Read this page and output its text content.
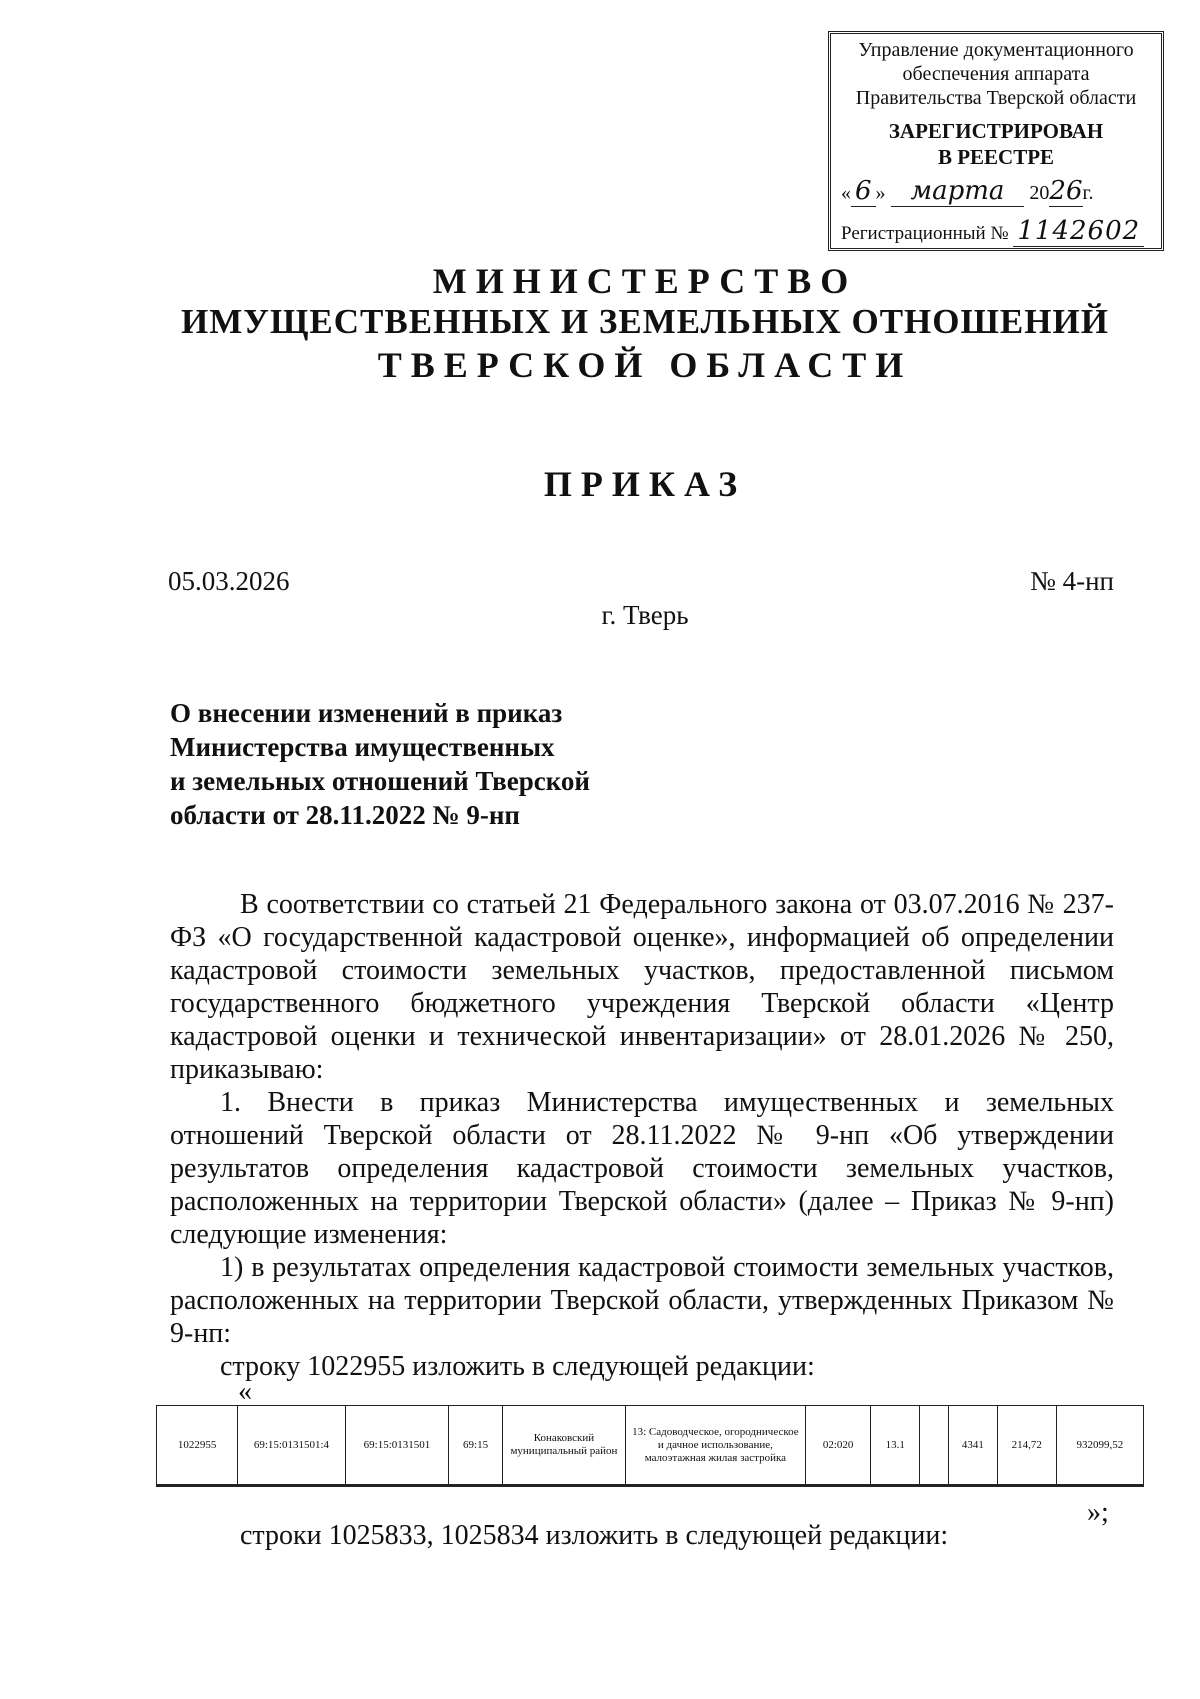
Управление документационного
обеспечения аппарата
Правительства Тверской области
ЗАРЕГИСТРИРОВАН
В РЕЕСТРЕ
« 6 » марта 2026г.
Регистрационный № 1142602
МИНИСТЕРСТВО
ИМУЩЕСТВЕННЫХ И ЗЕМЕЛЬНЫХ ОТНОШЕНИЙ
ТВЕРСКОЙ ОБЛАСТИ
ПРИКАЗ
05.03.2026	№ 4-нп
г. Тверь
О внесении изменений в приказ
Министерства имущественных
и земельных отношений Тверской
области от 28.11.2022 № 9-нп

В соответствии со статьей 21 Федерального закона от 03.07.2016 № 237-ФЗ «О государственной кадастровой оценке», информацией об определении кадастровой стоимости земельных участков, предоставленной письмом государственного бюджетного учреждения Тверской области «Центр кадастровой оценки и технической инвентаризации» от 28.01.2026 № 250, приказываю:

1. Внести в приказ Министерства имущественных и земельных отношений Тверской области от 28.11.2022 № 9-нп «Об утверждении результатов определения кадастровой стоимости земельных участков, расположенных на территории Тверской области» (далее – Приказ № 9-нп) следующие изменения:

1) в результатах определения кадастровой стоимости земельных участков, расположенных на территории Тверской области, утвержденных Приказом № 9-нп:

строку 1022955 изложить в следующей редакции:

«
1022955	69:15:0131501:4	69:15:0131501	69:15	Конаковский муниципальный район	13: Садоводческое, огородническое и дачное использование, малоэтажная жилая застройка	02:020	13.1		4341	214,72	932099,52
»;
строки 1025833, 1025834 изложить в следующей редакции:
